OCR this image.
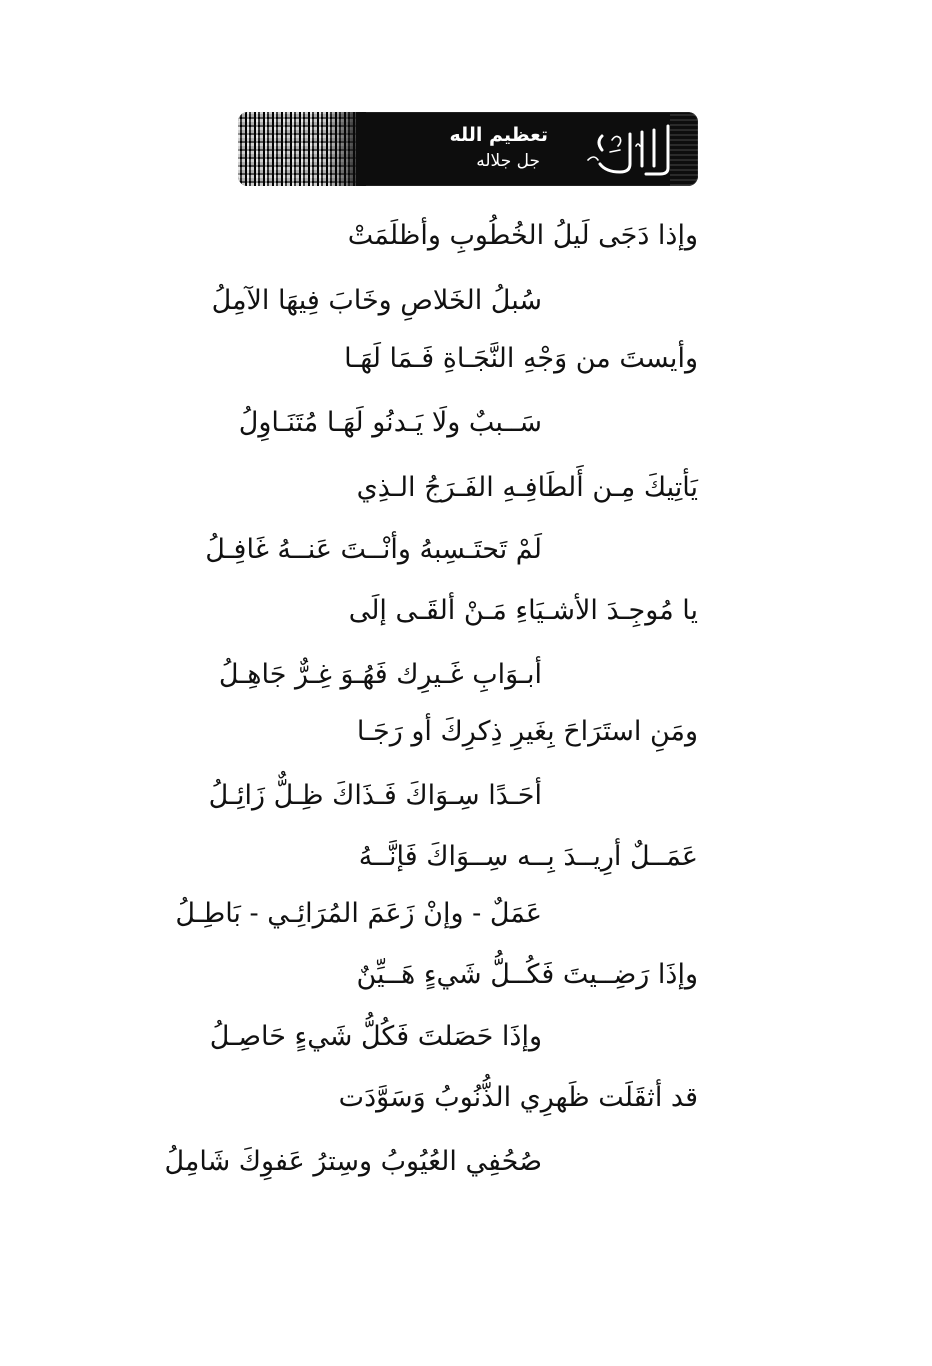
تعظيم الله
جل جلاله
وإذا دَجَى لَيلُ الخُطُوبِ وأظلَمَتْ
سُبلُ الخَلاصِ وخَابَ فِيهَا الآمِلُ
وأيستَ من وَجْهِ النَّجَـاةِ فَـمَا لَهَـا
سَــببٌ ولَا يَـدنُو لَهَـا مُتَنَـاوِلُ
يَأتِيكَ مِـن أَلطَافِـهِ الفَـرَجُ الـذِي
لَمْ تَحتَـسِبهُ وأنْــتَ عَنــهُ غَافِـلُ
يا مُوجِـدَ الأشـيَاءِ مَـنْ ألقَـى إلَى
أبـوَابِ غَـيرِك فَهُـوَ غِـرٌّ جَاهِـلُ
ومَنِ استَرَاحَ بِغَيرِ ذِكرِكَ أو رَجَـا
أحَـدًا سِـوَاكَ فَـذَاكَ ظِـلٌّ زَائِـلُ
عَمَــلٌ أرِيــدَ بِــه سِــوَاكَ فَإنَّــهُ
عَمَلٌ - وإنْ زَعَمَ المُرَائِـي - بَاطِـلُ
وإذَا رَضِــيتَ فَكُــلُّ شَيءٍ هَــيِّنٌ
وإذَا حَصَلتَ فَكُلُّ شَيءٍ حَاصِـلُ
قد أثقَلَت ظَهرِي الذُّنُوبُ وَسَوَّدَت
صُحُفِي العُيُوبُ وسِترُ عَفوِكَ شَامِلُ
